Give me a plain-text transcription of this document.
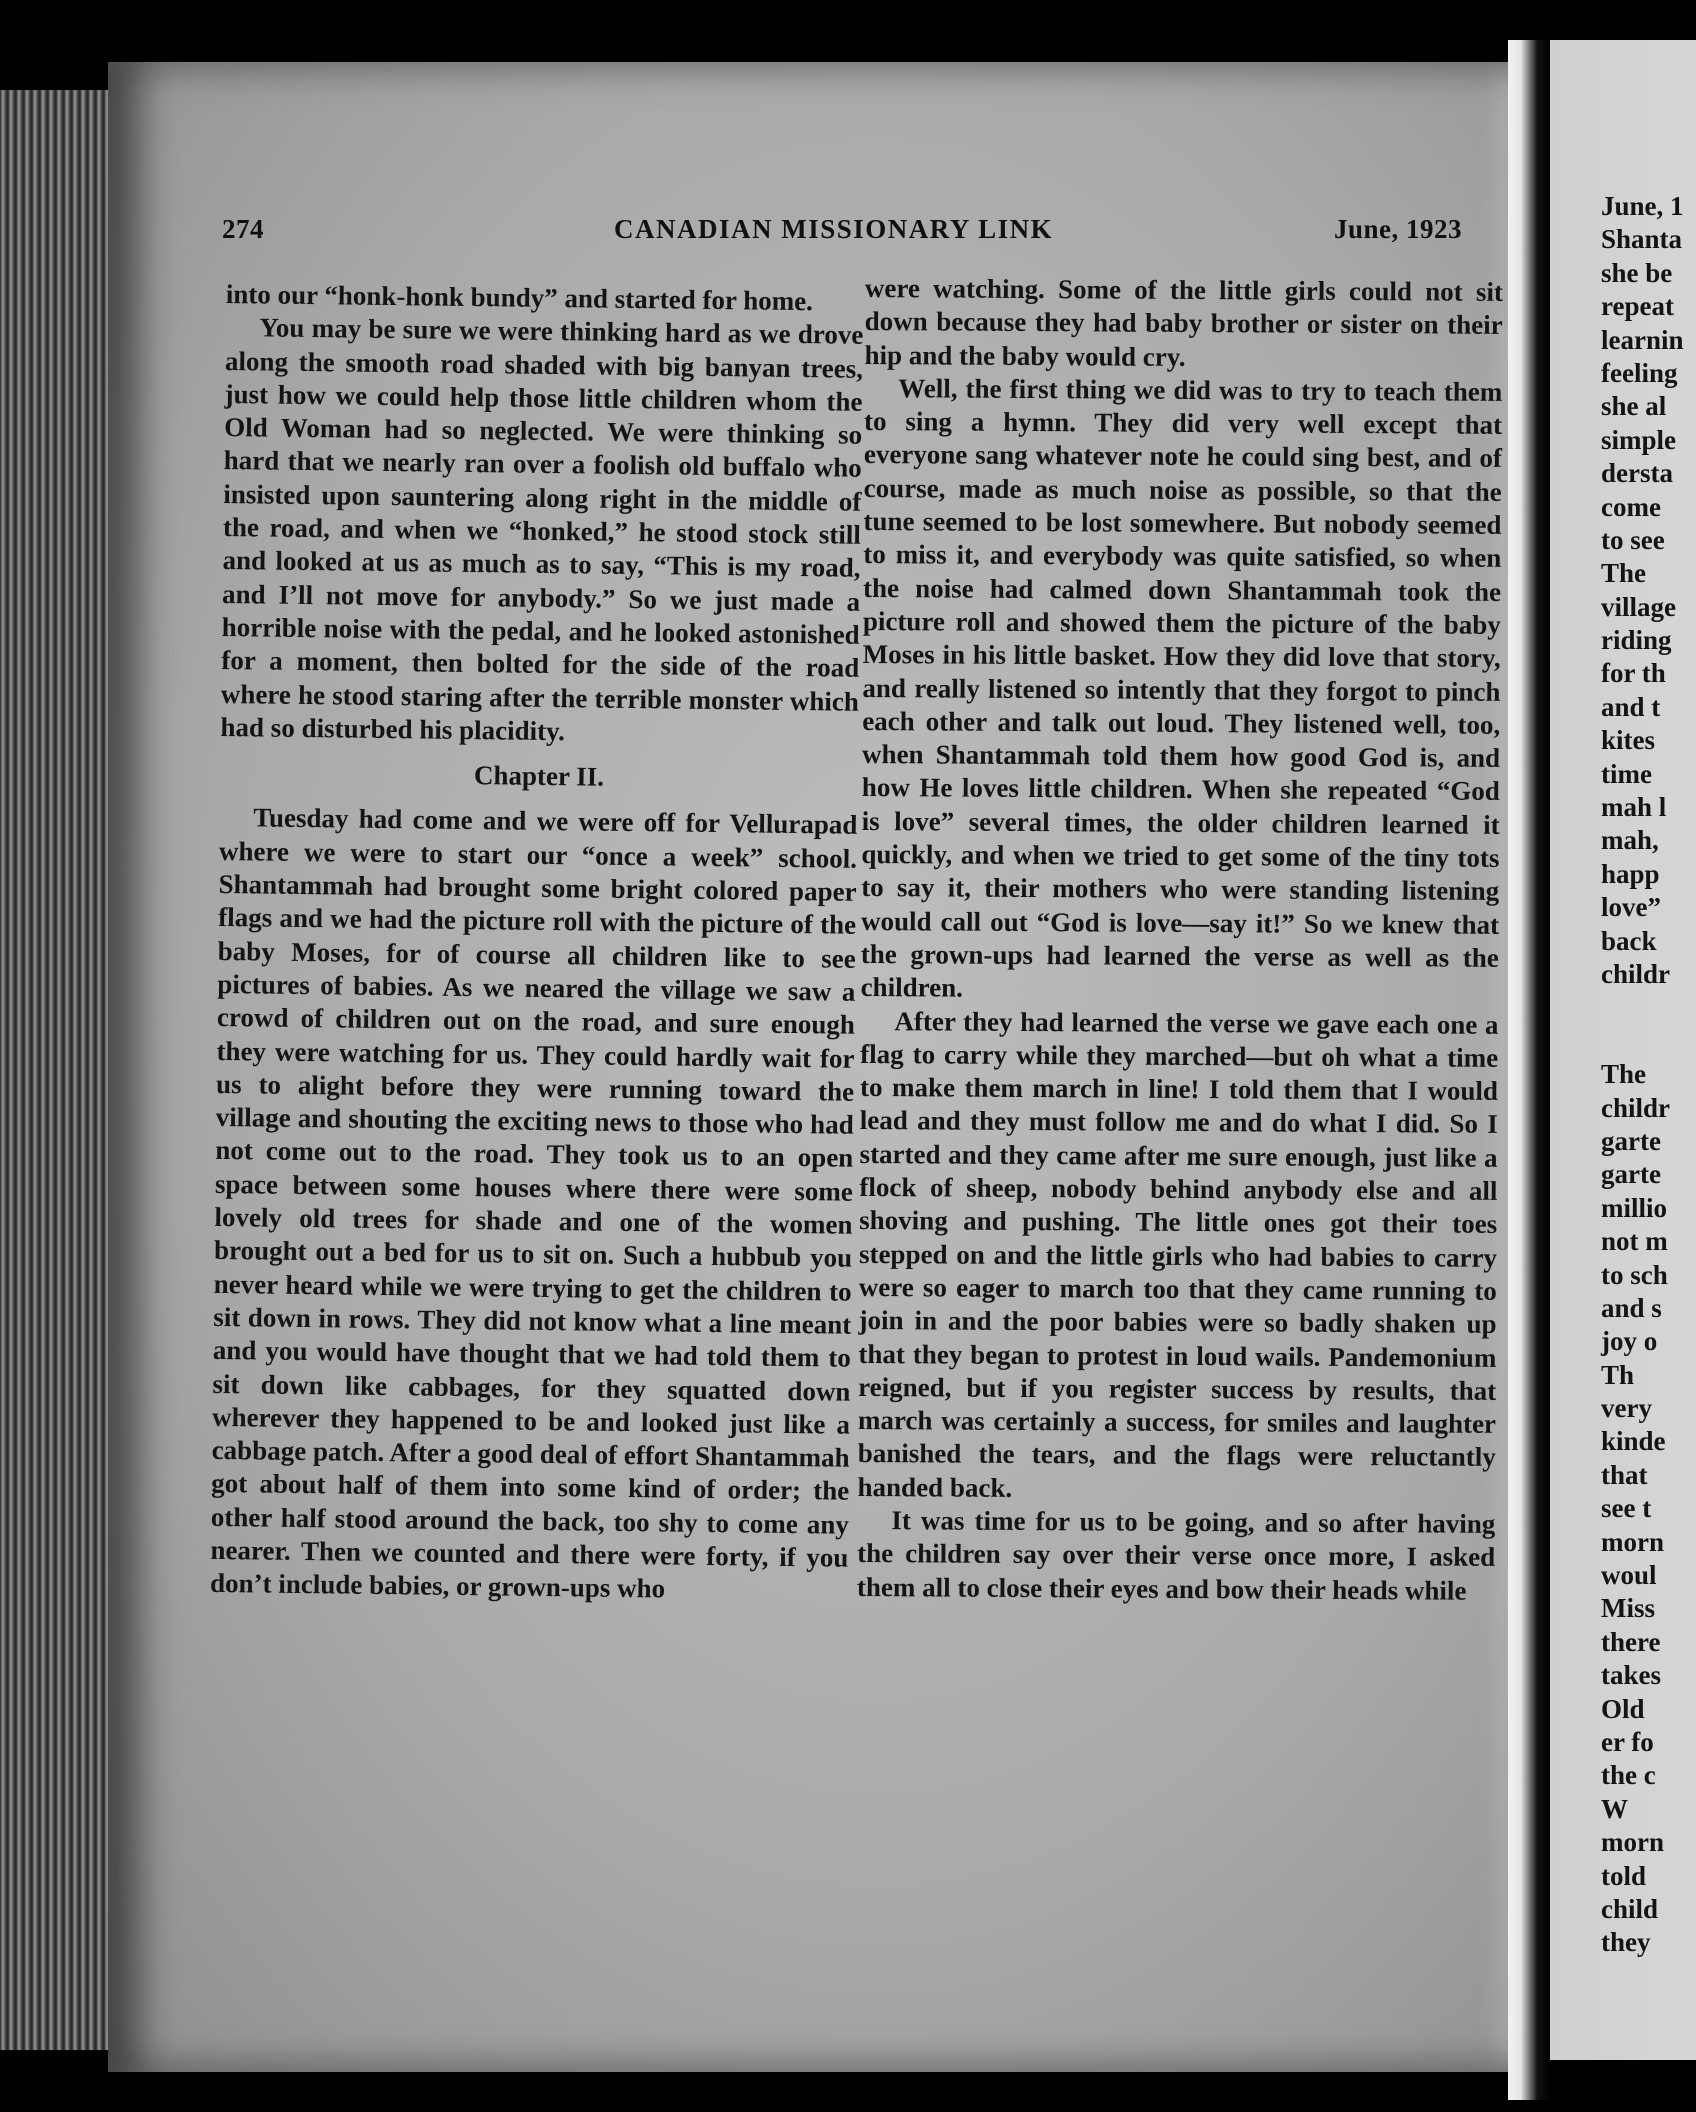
274	CANADIAN MISSIONARY LINK	June, 1923

into our “honk-honk bundy” and started for home.

You may be sure we were thinking hard as we drove along the smooth road shaded with big banyan trees, just how we could help those little children whom the Old Woman had so neglected. We were thinking so hard that we nearly ran over a foolish old buffalo who insisted upon sauntering along right in the middle of the road, and when we “honked,” he stood stock still and looked at us as much as to say, “This is my road, and I’ll not move for anybody.” So we just made a horrible noise with the pedal, and he looked astonished for a moment, then bolted for the side of the road where he stood staring after the terrible monster which had so disturbed his placidity.

Chapter II.

Tuesday had come and we were off for Vellurapad where we were to start our “once a week” school. Shantammah had brought some bright colored paper flags and we had the picture roll with the picture of the baby Moses, for of course all children like to see pictures of babies. As we neared the village we saw a crowd of children out on the road, and sure enough they were watching for us. They could hardly wait for us to alight before they were running toward the village and shouting the exciting news to those who had not come out to the road. They took us to an open space between some houses where there were some lovely old trees for shade and one of the women brought out a bed for us to sit on. Such a hubbub you never heard while we were trying to get the children to sit down in rows. They did not know what a line meant and you would have thought that we had told them to sit down like cabbages, for they squatted down wherever they happened to be and looked just like a cabbage patch. After a good deal of effort Shantammah got about half of them into some kind of order; the other half stood around the back, too shy to come any nearer. Then we counted and there were forty, if you don’t include babies, or grown-ups who

were watching. Some of the little girls could not sit down because they had baby brother or sister on their hip and the baby would cry.

Well, the first thing we did was to try to teach them to sing a hymn. They did very well except that everyone sang whatever note he could sing best, and of course, made as much noise as possible, so that the tune seemed to be lost somewhere. But nobody seemed to miss it, and everybody was quite satisfied, so when the noise had calmed down Shantammah took the picture roll and showed them the picture of the baby Moses in his little basket. How they did love that story, and really listened so intently that they forgot to pinch each other and talk out loud. They listened well, too, when Shantammah told them how good God is, and how He loves little children. When she repeated “God is love” several times, the older children learned it quickly, and when we tried to get some of the tiny tots to say it, their mothers who were standing listening would call out “God is love—say it!” So we knew that the grown-ups had learned the verse as well as the children.

After they had learned the verse we gave each one a flag to carry while they marched—but oh what a time to make them march in line! I told them that I would lead and they must follow me and do what I did. So I started and they came after me sure enough, just like a flock of sheep, nobody behind anybody else and all shoving and pushing. The little ones got their toes stepped on and the little girls who had babies to carry were so eager to march too that they came running to join in and the poor babies were so badly shaken up that they began to protest in loud wails. Pandemonium reigned, but if you register success by results, that march was certainly a success, for smiles and laughter banished the tears, and the flags were reluctantly handed back.

It was time for us to be going, and so after having the children say over their verse once more, I asked them all to close their eyes and bow their heads while

June, 1
Shanta
she be
repeat
learnin
feeling
she al
simple
dersta
come
to see
The
village
riding
for th
and t
kites
time
mah l
mah,
happ
love”
back
childr
The
childr
garte
garte
millio
not m
to sch
and s
joy o
Th
very
kinde
that
see t
morn
woul
Miss
there
takes
Old
er fo
the c
W
morn
told
child
they
